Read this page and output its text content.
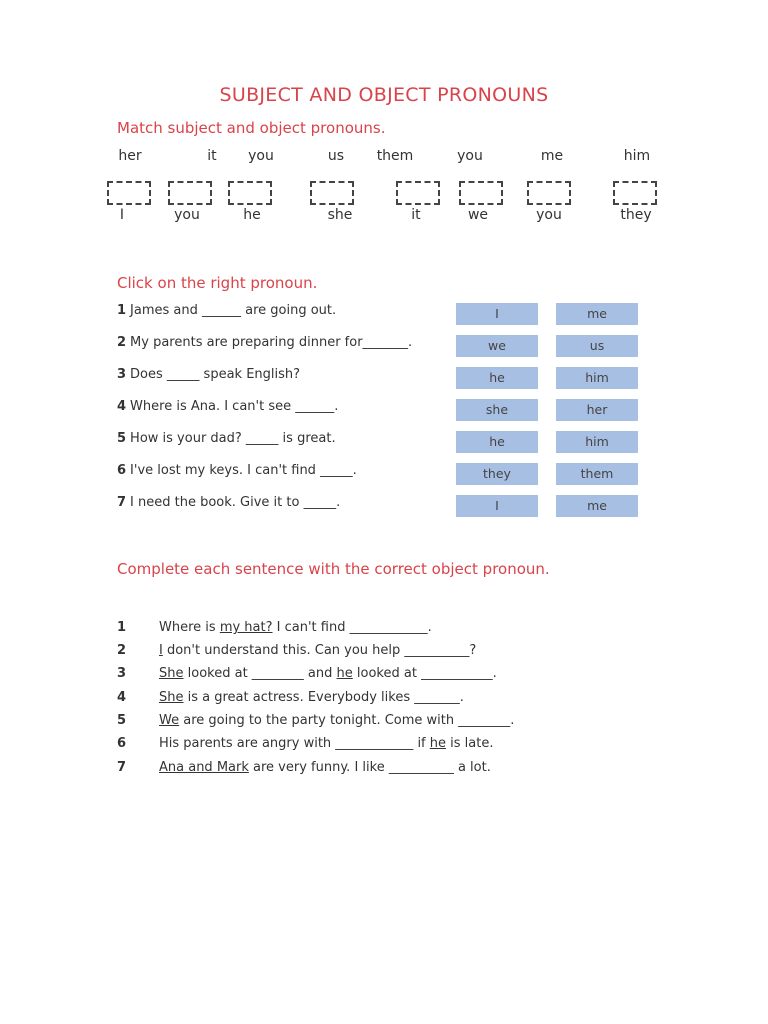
SUBJECT AND OBJECT PRONOUNS
Match subject and object pronouns.
her	it	you	us	them	you	me	him
I	you	he	she	it	we	you	they
Click on the right pronoun.
1 James and ______ are going out.	I	me
2 My parents are preparing dinner for_______.	we	us
3 Does _____ speak English?	he	him
4 Where is Ana. I can't see ______.	she	her
5 How is your dad? _____ is great.	he	him
6 I've lost my keys. I can't find _____.	they	them
7 I need the book. Give it to _____.	I	me
Complete each sentence with the correct object pronoun.
1	Where is my hat? I can't find ____________.
2	I don't understand this. Can you help __________?
3	She looked at ________ and he looked at ___________.
4	She is a great actress. Everybody likes _______.
5	We are going to the party tonight. Come with ________.
6	His parents are angry with ____________ if he is late.
7	Ana and Mark are very funny. I like __________ a lot.
